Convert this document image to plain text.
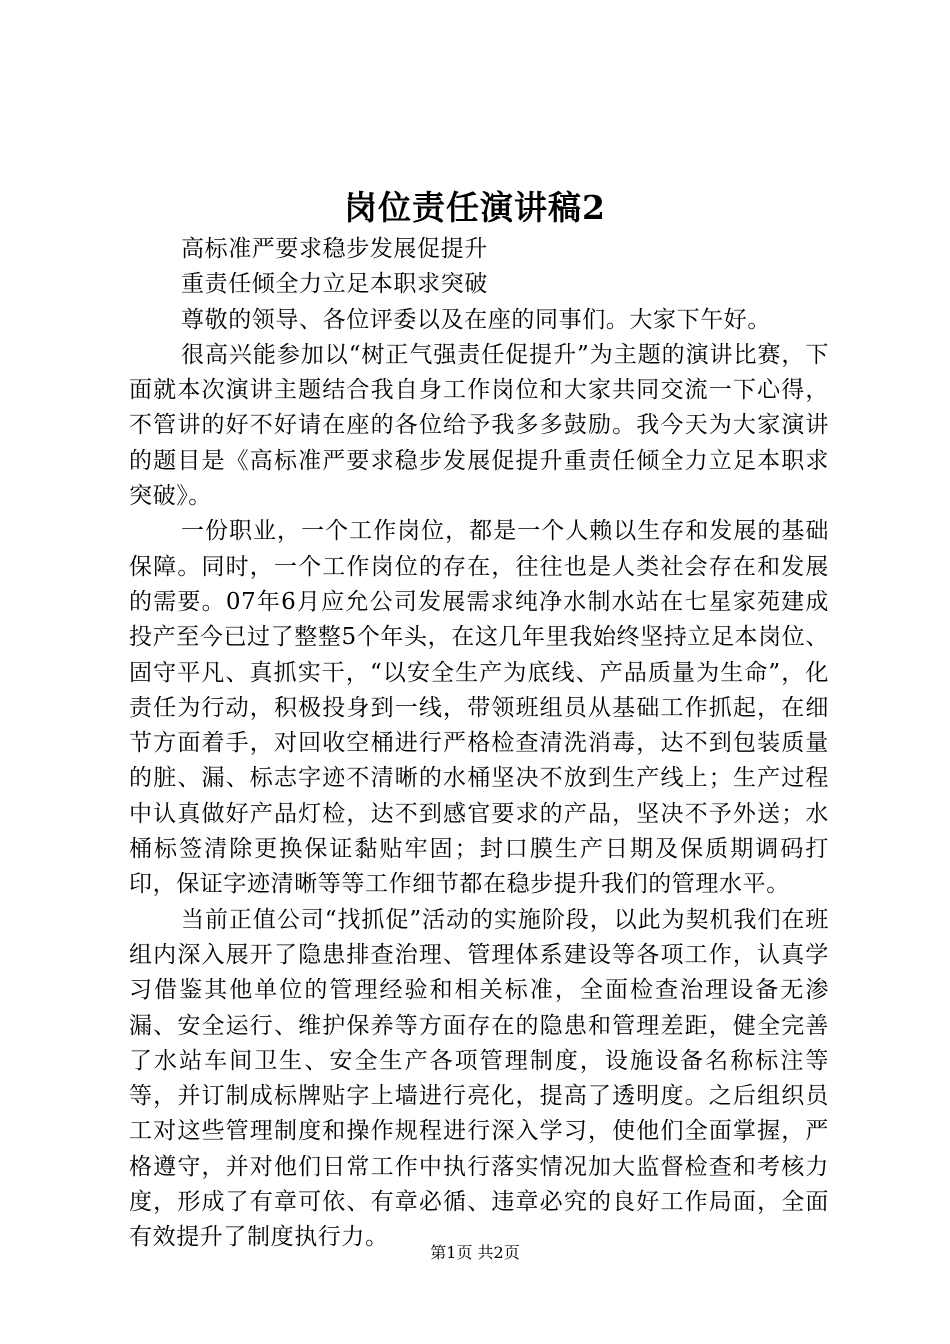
岗位责任演讲稿2

高标准严要求稳步发展促提升

重责任倾全力立足本职求突破

尊敬的领导、各位评委以及在座的同事们。大家下午好。

很高兴能参加以“树正气强责任促提升”为主题的演讲比赛，下面就本次演讲主题结合我自身工作岗位和大家共同交流一下心得，不管讲的好不好请在座的各位给予我多多鼓励。我今天为大家演讲的题目是《高标准严要求稳步发展促提升重责任倾全力立足本职求突破》。

一份职业，一个工作岗位，都是一个人赖以生存和发展的基础保障。同时，一个工作岗位的存在，往往也是人类社会存在和发展的需要。07年6月应允公司发展需求纯净水制水站在七星家苑建成投产至今已过了整整5个年头，在这几年里我始终坚持立足本岗位、固守平凡、真抓实干，“以安全生产为底线、产品质量为生命”，化责任为行动，积极投身到一线，带领班组员从基础工作抓起，在细节方面着手，对回收空桶进行严格检查清洗消毒，达不到包装质量的脏、漏、标志字迹不清晰的水桶坚决不放到生产线上；生产过程中认真做好产品灯检，达不到感官要求的产品，坚决不予外送；水桶标签清除更换保证黏贴牢固；封口膜生产日期及保质期调码打印，保证字迹清晰等等工作细节都在稳步提升我们的管理水平。

当前正值公司“找抓促”活动的实施阶段，以此为契机我们在班组内深入展开了隐患排查治理、管理体系建设等各项工作，认真学习借鉴其他单位的管理经验和相关标准，全面检查治理设备无渗漏、安全运行、维护保养等方面存在的隐患和管理差距，健全完善了水站车间卫生、安全生产各项管理制度，设施设备名称标注等等，并订制成标牌贴字上墙进行亮化，提高了透明度。之后组织员工对这些管理制度和操作规程进行深入学习，使他们全面掌握，严格遵守，并对他们日常工作中执行落实情况加大监督检查和考核力度，形成了有章可依、有章必循、违章必究的良好工作局面，全面有效提升了制度执行力。

第1页 共2页
